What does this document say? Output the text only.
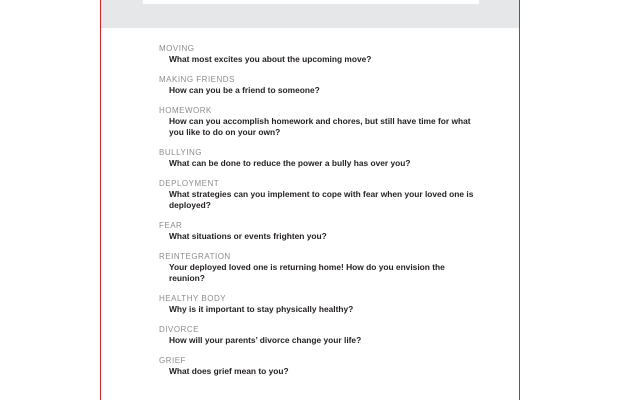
MOVING
What most excites you about the upcoming move?
MAKING FRIENDS
How can you be a friend to someone?
HOMEWORK
How can you accomplish homework and chores, but still have time for what you like to do on your own?
BULLYING
What can be done to reduce the power a bully has over you?
DEPLOYMENT
What strategies can you implement to cope with fear when your loved one is deployed?
FEAR
What situations or events frighten you?
REINTEGRATION
Your deployed loved one is returning home! How do you envision the reunion?
HEALTHY BODY
Why is it important to stay physically healthy?
DIVORCE
How will your parents’ divorce change your life?
GRIEF
What does grief mean to you?
